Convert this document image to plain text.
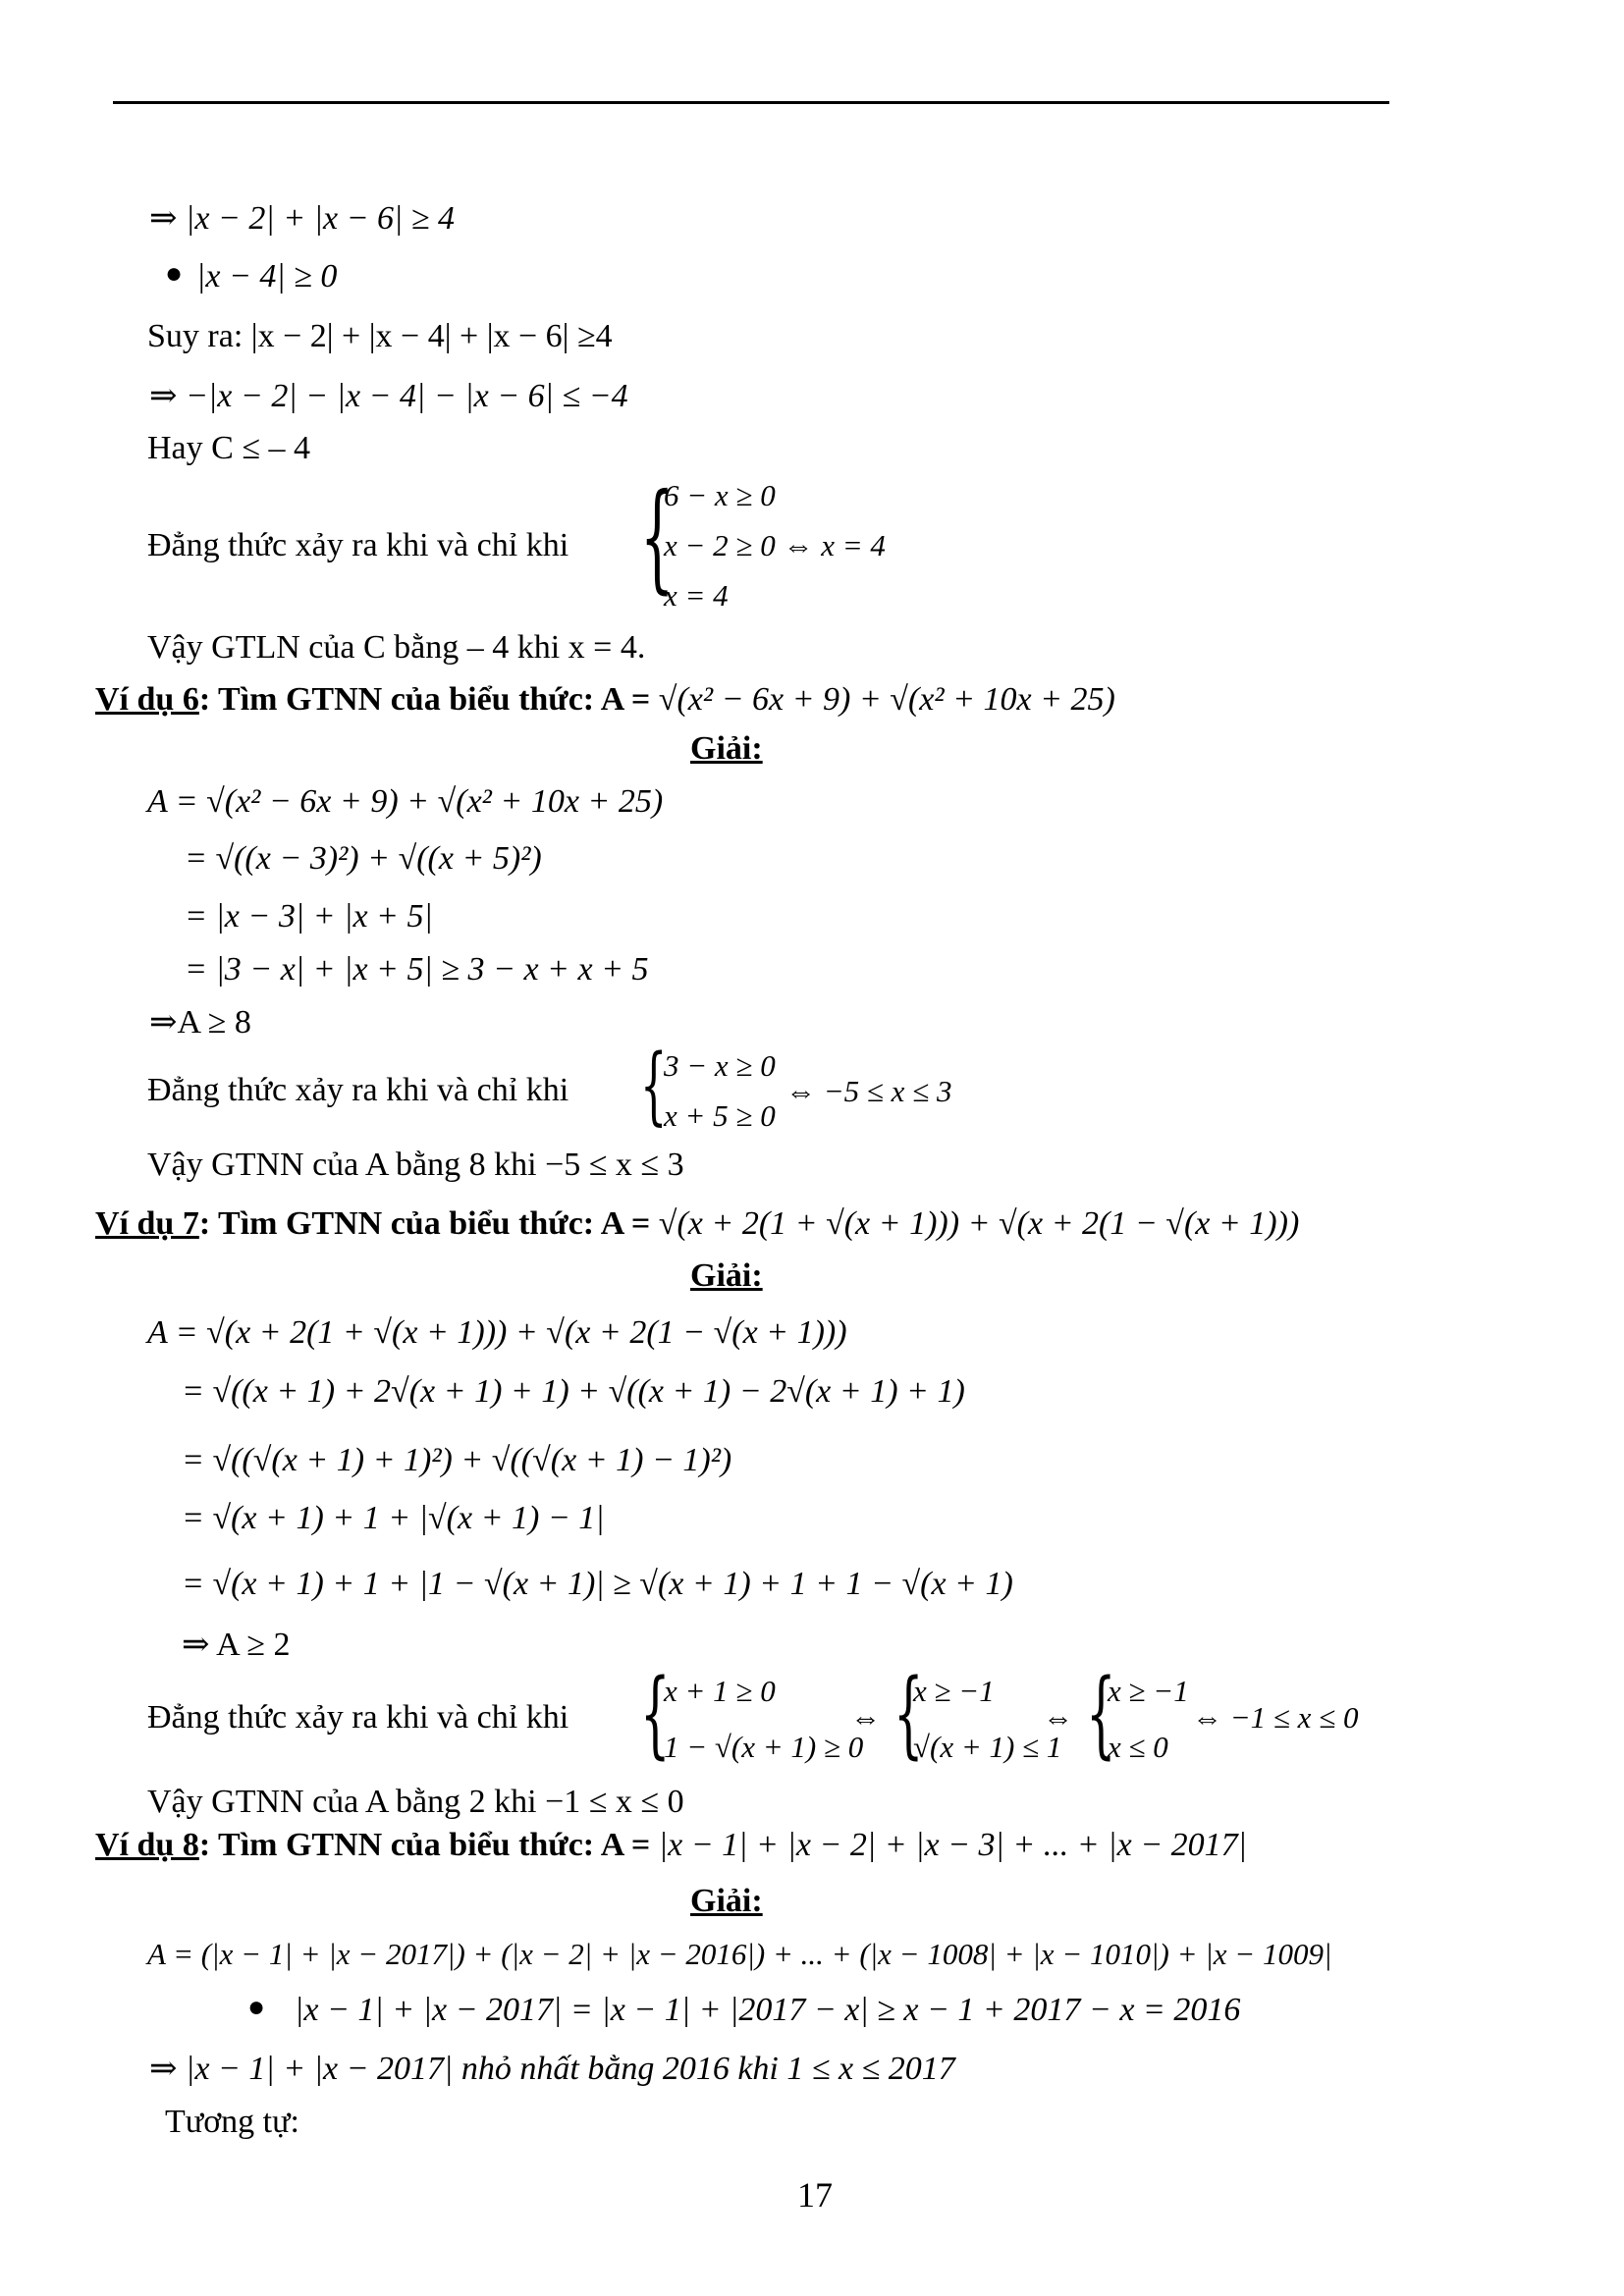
⇒ |x − 2| + |x − 6| ≥ 4
● |x − 4| ≥ 0
Suy ra: |x − 2| + |x − 4| + |x − 6| ≥4
⇒ −|x − 2| − |x − 4| − |x − 6| ≤ −4
Hay C ≤ – 4
Đẳng thức xảy ra khi và chỉ khi {
6 − x ≥ 0
x − 2 ≥ 0 ⇔ x = 4
x = 4
Vậy GTLN của C bằng – 4 khi x = 4.
Ví dụ 6: Tìm GTNN của biểu thức: A = √(x² − 6x + 9) + √(x² + 10x + 25)
Giải:
A = √(x² − 6x + 9) + √(x² + 10x + 25)
= √((x − 3)²) + √((x + 5)²)
= |x − 3| + |x + 5|
= |3 − x| + |x + 5| ≥ 3 − x + x + 5
⇒A ≥ 8
Đẳng thức xảy ra khi và chỉ khi {
3 − x ≥ 0
x + 5 ≥ 0
⇔ −5 ≤ x ≤ 3
Vậy GTNN của A bằng 8 khi −5 ≤ x ≤ 3
Ví dụ 7: Tìm GTNN của biểu thức: A = √(x + 2(1 + √(x + 1))) + √(x + 2(1 − √(x + 1)))
Giải:
A = √(x + 2(1 + √(x + 1))) + √(x + 2(1 − √(x + 1)))
= √((x + 1) + 2√(x + 1) + 1) + √((x + 1) − 2√(x + 1) + 1)
= √((√(x + 1) + 1)²) + √((√(x + 1) − 1)²)
= √(x + 1) + 1 + |√(x + 1) − 1|
= √(x + 1) + 1 + |1 − √(x + 1)| ≥ √(x + 1) + 1 + 1 − √(x + 1)
⇒ A ≥ 2
Đẳng thức xảy ra khi và chỉ khi {
x + 1 ≥ 0
1 − √(x + 1) ≥ 0
⇔ {
x ≥ −1
√(x + 1) ≤ 1
⇔ {
x ≥ −1
x ≤ 0
⇔ −1 ≤ x ≤ 0
Vậy GTNN của A bằng 2 khi −1 ≤ x ≤ 0
Ví dụ 8: Tìm GTNN của biểu thức: A = |x − 1| + |x − 2| + |x − 3| + ... + |x − 2017|
Giải:
A = (|x − 1| + |x − 2017|) + (|x − 2| + |x − 2016|) + ... + (|x − 1008| + |x − 1010|) + |x − 1009|
● |x − 1| + |x − 2017| = |x − 1| + |2017 − x| ≥ x − 1 + 2017 − x = 2016
⇒ |x − 1| + |x − 2017| nhỏ nhất bằng 2016 khi 1 ≤ x ≤ 2017
Tương tự:
17
